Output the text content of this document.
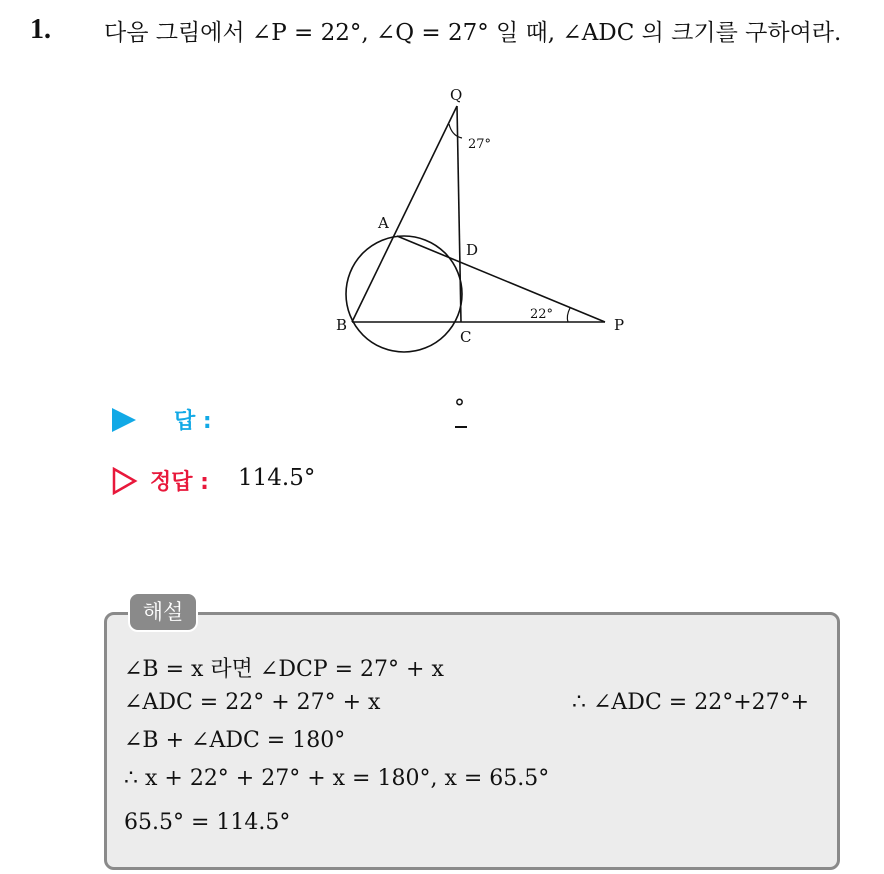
1. 다음 그림에서 ∠P = 22°, ∠Q = 27° 일 때, ∠ADC 의 크기를 구하여라.
Q
A
D
B
C
P
27°
22°
답 :
°
정답 : 114.5°
해설
∠B = x 라면 ∠DCP = 27° + x
∠ADC = 22° + 27° + x	∴ ∠ADC = 22°+27°+
∠B + ∠ADC = 180°
∴ x + 22° + 27° + x = 180°, x = 65.5°
65.5° = 114.5°
